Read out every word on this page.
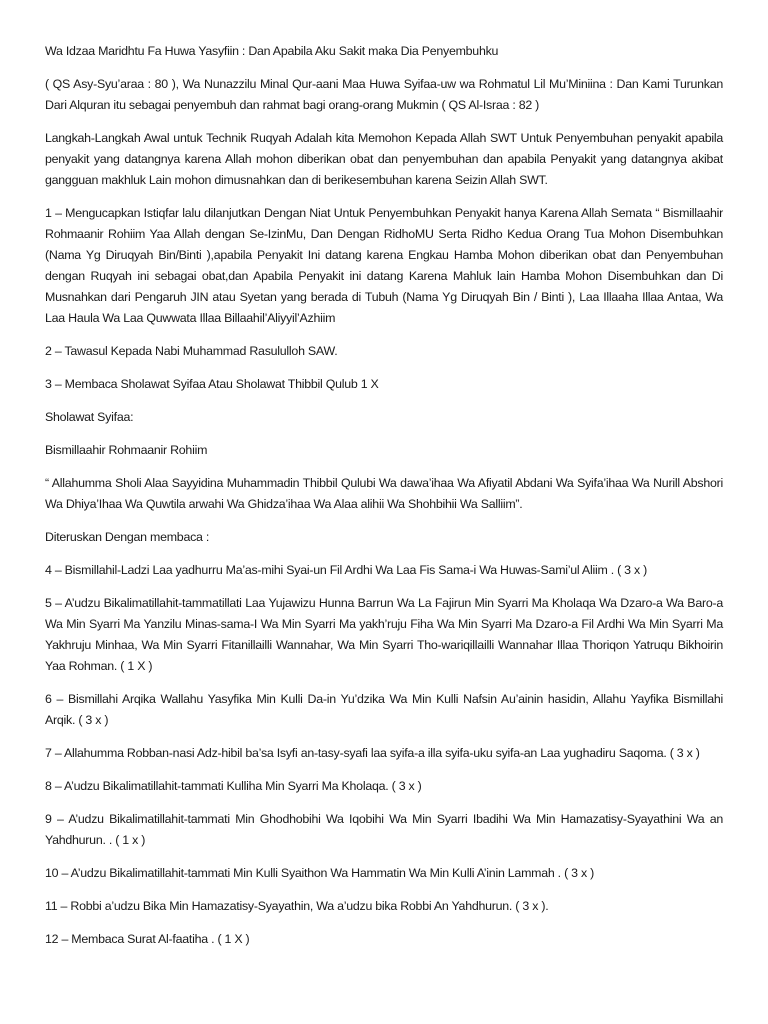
Wa Idzaa Maridhtu Fa Huwa Yasyfiin : Dan Apabila Aku Sakit maka Dia Penyembuhku

( QS Asy-Syu’araa : 80 ), Wa Nunazzilu Minal Qur-aani Maa Huwa Syifaa-uw wa Rohmatul Lil Mu’Miniina : Dan Kami Turunkan Dari Alquran itu sebagai penyembuh dan rahmat bagi orang-orang Mukmin ( QS Al-Israa : 82 )

Langkah-Langkah Awal untuk Technik Ruqyah Adalah kita Memohon Kepada Allah SWT Untuk Penyembuhan penyakit apabila penyakit yang datangnya karena Allah mohon diberikan obat dan penyembuhan dan apabila Penyakit yang datangnya akibat gangguan makhluk Lain mohon dimusnahkan dan di berikesembuhan karena Seizin Allah SWT.

1 – Mengucapkan Istiqfar lalu dilanjutkan Dengan Niat Untuk Penyembuhkan Penyakit hanya Karena Allah Semata “ Bismillaahir Rohmaanir Rohiim Yaa Allah dengan Se-IzinMu, Dan Dengan RidhoMU Serta Ridho Kedua Orang Tua Mohon Disembuhkan (Nama Yg Diruqyah Bin/Binti ),apabila Penyakit Ini datang karena Engkau Hamba Mohon diberikan obat dan Penyembuhan dengan Ruqyah ini sebagai obat,dan Apabila Penyakit ini datang Karena Mahluk lain Hamba Mohon Disembuhkan dan Di Musnahkan dari Pengaruh JIN atau Syetan yang berada di Tubuh (Nama Yg Diruqyah Bin / Binti ), Laa Illaaha Illaa Antaa, Wa Laa Haula Wa Laa Quwwata Illaa Billaahil’Aliyyil’Azhiim

2 – Tawasul Kepada Nabi Muhammad Rasululloh SAW.

3 – Membaca Sholawat Syifaa Atau Sholawat Thibbil Qulub 1 X

Sholawat Syifaa:

Bismillaahir Rohmaanir Rohiim

“ Allahumma Sholi Alaa Sayyidina Muhammadin Thibbil Qulubi Wa dawa’ihaa Wa Afiyatil Abdani Wa Syifa’ihaa Wa Nurill Abshori Wa Dhiya’Ihaa Wa Quwtila arwahi Wa Ghidza’ihaa Wa Alaa alihii Wa Shohbihii Wa Salliim”.

Diteruskan Dengan membaca :

4 – Bismillahil-Ladzi Laa yadhurru Ma’as-mihi Syai-un Fil Ardhi Wa Laa Fis Sama-i Wa Huwas-Sami’ul Aliim . ( 3 x )

5 – A’udzu Bikalimatillahit-tammatillati Laa Yujawizu Hunna Barrun Wa La Fajirun Min Syarri Ma Kholaqa Wa Dzaro-a Wa Baro-a Wa Min Syarri Ma Yanzilu Minas-sama-I Wa Min Syarri Ma yakh’ruju Fiha Wa Min Syarri Ma Dzaro-a Fil Ardhi Wa Min Syarri Ma Yakhruju Minhaa, Wa Min Syarri Fitanillailli Wannahar, Wa Min Syarri Tho-wariqillailli Wannahar Illaa Thoriqon Yatruqu Bikhoirin Yaa Rohman. ( 1 X )

6 – Bismillahi Arqika Wallahu Yasyfika Min Kulli Da-in Yu’dzika Wa Min Kulli Nafsin Au’ainin hasidin, Allahu Yayfika Bismillahi Arqik. ( 3 x )

7 – Allahumma Robban-nasi Adz-hibil ba’sa Isyfi an-tasy-syafi laa syifa-a illa syifa-uku syifa-an Laa yughadiru Saqoma. ( 3 x )

8 – A’udzu Bikalimatillahit-tammati Kulliha Min Syarri Ma Kholaqa. ( 3 x )

9 – A’udzu Bikalimatillahit-tammati Min Ghodhobihi Wa Iqobihi Wa Min Syarri Ibadihi Wa Min Hamazatisy-Syayathini Wa an Yahdhurun. . ( 1 x )

10 – A’udzu Bikalimatillahit-tammati Min Kulli Syaithon Wa Hammatin Wa Min Kulli A’inin Lammah . ( 3 x )

11 – Robbi a’udzu Bika Min Hamazatisy-Syayathin, Wa a’udzu bika Robbi An Yahdhurun. ( 3 x ).

12 – Membaca Surat Al-faatiha . ( 1 X )
